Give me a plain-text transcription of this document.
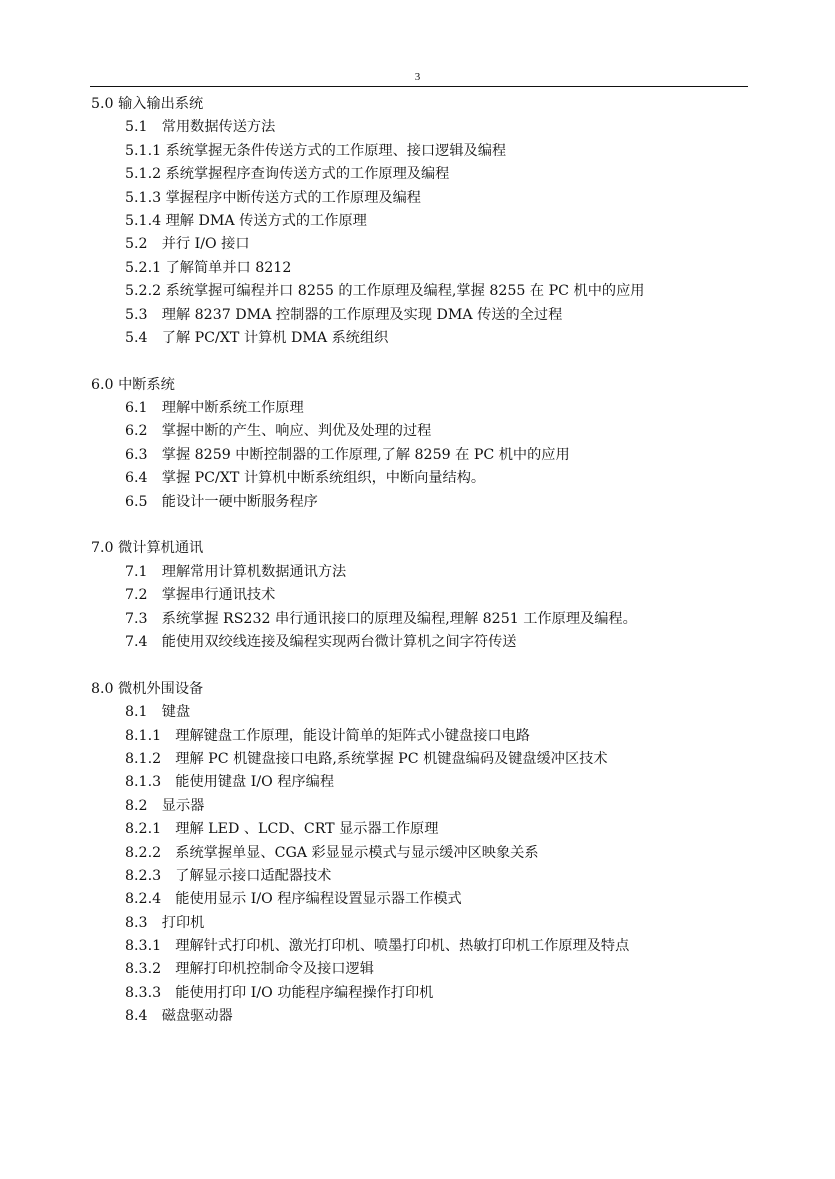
3
5.0 输入输出系统
5.1　常用数据传送方法
5.1.1 系统掌握无条件传送方式的工作原理、接口逻辑及编程
5.1.2 系统掌握程序查询传送方式的工作原理及编程
5.1.3 掌握程序中断传送方式的工作原理及编程
5.1.4 理解 DMA 传送方式的工作原理
5.2　并行 I/O 接口
5.2.1 了解简单并口 8212
5.2.2 系统掌握可编程并口 8255 的工作原理及编程,掌握 8255 在 PC 机中的应用
5.3　理解 8237 DMA 控制器的工作原理及实现 DMA 传送的全过程
5.4　了解 PC/XT 计算机 DMA 系统组织
6.0 中断系统
6.1　理解中断系统工作原理
6.2　掌握中断的产生、响应、判优及处理的过程
6.3　掌握 8259 中断控制器的工作原理,了解 8259 在 PC 机中的应用
6.4　掌握 PC/XT 计算机中断系统组织，中断向量结构。
6.5　能设计一硬中断服务程序
7.0 微计算机通讯
7.1　理解常用计算机数据通讯方法
7.2　掌握串行通讯技术
7.3　系统掌握 RS232 串行通讯接口的原理及编程,理解 8251 工作原理及编程。
7.4　能使用双绞线连接及编程实现两台微计算机之间字符传送
8.0 微机外围设备
8.1　键盘
8.1.1　理解键盘工作原理，能设计简单的矩阵式小键盘接口电路
8.1.2　理解 PC 机键盘接口电路,系统掌握 PC 机键盘编码及键盘缓冲区技术
8.1.3　能使用键盘 I/O 程序编程
8.2　显示器
8.2.1　理解 LED 、LCD、CRT 显示器工作原理
8.2.2　系统掌握单显、CGA 彩显显示模式与显示缓冲区映象关系
8.2.3　了解显示接口适配器技术
8.2.4　能使用显示 I/O 程序编程设置显示器工作模式
8.3　打印机
8.3.1　理解针式打印机、激光打印机、喷墨打印机、热敏打印机工作原理及特点
8.3.2　理解打印机控制命令及接口逻辑
8.3.3　能使用打印 I/O 功能程序编程操作打印机
8.4　磁盘驱动器
